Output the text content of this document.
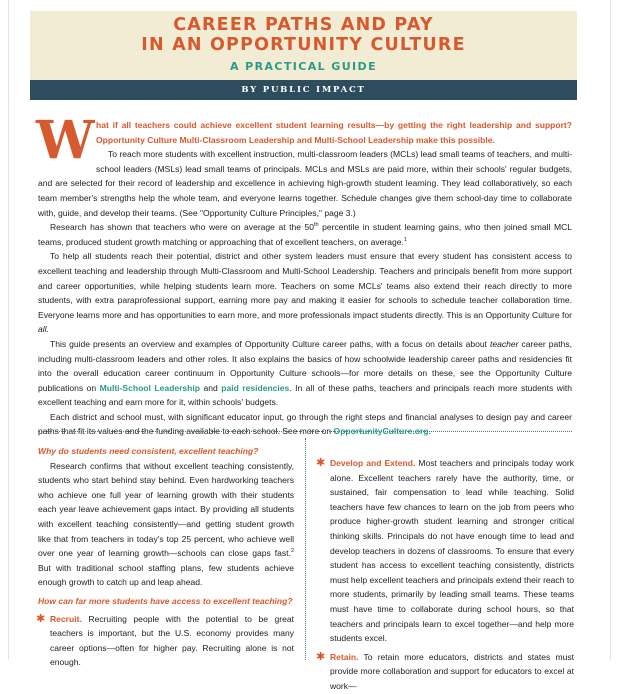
CAREER PATHS AND PAY
IN AN OPPORTUNITY CULTURE
A PRACTICAL GUIDE
BY PUBLIC IMPACT

What if all teachers could achieve excellent student learning results—by getting the right leadership and support? Opportunity Culture Multi-Classroom Leadership and Multi-School Leadership make this possible.
To reach more students with excellent instruction, multi-classroom leaders (MCLs) lead small teams of teachers, and multi-school leaders (MSLs) lead small teams of principals. MCLs and MSLs are paid more, within their schools' regular budgets, and are selected for their record of leadership and excellence in achieving high-growth student learning. They lead collaboratively, so each team member's strengths help the whole team, and everyone learns together. Schedule changes give them school-day time to collaborate with, guide, and develop their teams. (See "Opportunity Culture Principles," page 3.)

Research has shown that teachers who were on average at the 50th percentile in student learning gains, who then joined small MCL teams, produced student growth matching or approaching that of excellent teachers, on average.$^1$

To help all students reach their potential, district and other system leaders must ensure that every student has consistent access to excellent teaching and leadership through Multi-Classroom and Multi-School Leadership. Teachers and principals benefit from more support and career opportunities, while helping students learn more. Teachers on some MCLs' teams also extend their reach directly to more students, with extra paraprofessional support, earning more pay and making it easier for schools to schedule teacher collaboration time. Everyone learns more and has opportunities to earn more, and more professionals impact students directly. This is an Opportunity Culture for all.

This guide presents an overview and examples of Opportunity Culture career paths, with a focus on details about teacher career paths, including multi-classroom leaders and other roles. It also explains the basics of how schoolwide leadership career paths and residencies fit into the overall education career continuum in Opportunity Culture schools—for more details on these, see the Opportunity Culture publications on Multi-School Leadership and paid residencies. In all of these paths, teachers and principals reach more students with excellent teaching and earn more for it, within schools' budgets.

Each district and school must, with significant educator input, go through the right steps and financial analyses to design pay and career paths that fit its values and the funding available to each school. See more on OpportunityCulture.org.

Why do students need consistent, excellent teaching?

Research confirms that without excellent teaching consistently, students who start behind stay behind. Even hardworking teachers who achieve one full year of learning growth with their students each year leave achievement gaps intact. By providing all students with excellent teaching consistently—and getting student growth like that from teachers in today's top 25 percent, who achieve well over one year of learning growth—schools can close gaps fast.$^2$ But with traditional school staffing plans, few students achieve enough growth to catch up and leap ahead.

How can far more students have access to excellent teaching?

✱ Recruit. Recruiting people with the potential to be great teachers is important, but the U.S. economy provides many career options—often for higher pay. Recruiting alone is not enough.

✱ Develop and Extend. Most teachers and principals today work alone. Excellent teachers rarely have the authority, time, or sustained, fair compensation to lead while teaching. Solid teachers have few chances to learn on the job from peers who produce higher-growth student learning and stronger critical thinking skills. Principals do not have enough time to lead and develop teachers in dozens of classrooms. To ensure that every student has access to excellent teaching consistently, districts must help excellent teachers and principals extend their reach to more students, primarily by leading small teams. These teams must have time to collaborate during school hours, so that teachers and principals learn to excel together—and help more students excel.

✱ Retain. To retain more educators, districts and states must provide more collaboration and support for educators to excel at work—
